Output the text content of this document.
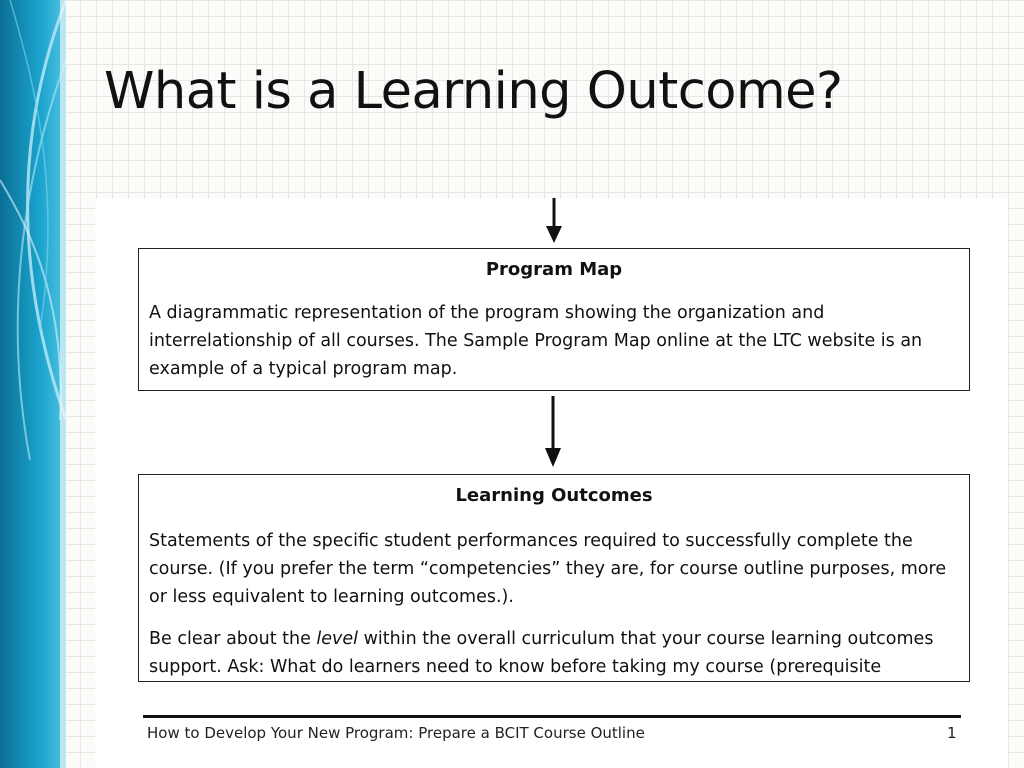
What is a Learning Outcome?
Program Map
A diagrammatic representation of the program showing the organization and
interrelationship of all courses. The Sample Program Map online at the LTC website is an
example of a typical program map.
Learning Outcomes
Statements of the specific student performances required to successfully complete the
course. (If you prefer the term “competencies” they are, for course outline purposes, more
or less equivalent to learning outcomes.).
Be clear about the level within the overall curriculum that your course learning outcomes
support. Ask: What do learners need to know before taking my course (prerequisite
How to Develop Your New Program: Prepare a BCIT Course Outline	1
